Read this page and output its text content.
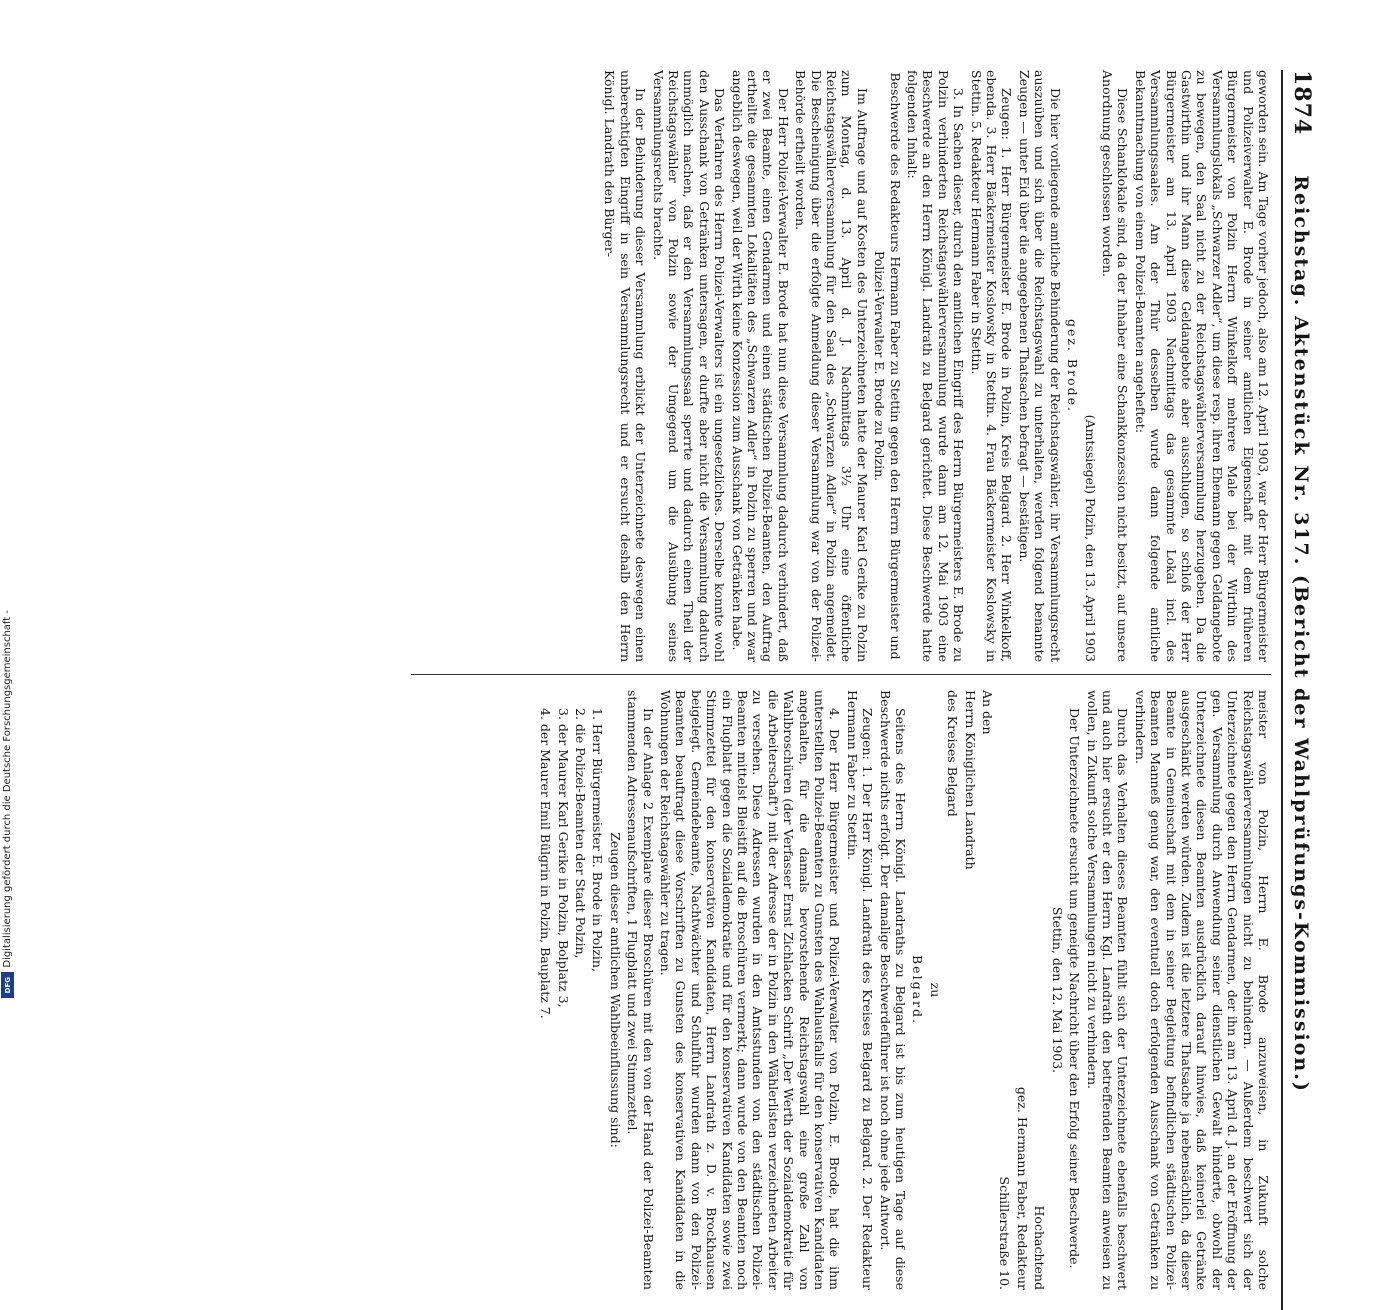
Digitalisierung gefördert durch die Deutsche Forschungsgemeinschaft -
DFG
1874
Reichstag. Aktenstück Nr. 317. (Bericht der Wahlprüfungs-Kommission.)

geworden sein. Am Tage vorher jedoch, also am 12. April 1903, war der Herr Bürgermeister und Polizeiverwalter E. Brode in seiner amtlichen Eigenschaft mit dem früheren Bürgermeister von Polzin Herrn Winkelkoff mehrere Male bei der Wirthin des Versammlungslokals „Schwarzer Adler“, um diese resp. ihren Ehemann gegen Geldangebote zu bewegen, den Saal nicht zu der Reichstagswählerversammlung herzugeben. Da die Gastwirthin und ihr Mann diese Geldangebote aber ausschlugen, so schloß der Herr Bürgermeister am 13. April 1903 Nachmittags das gesammte Lokal incl. des Versammlungssaales. Am der Thür desselben wurde dann folgende amtliche Bekanntmachung von einem Polizei-Beamten angeheftet:

Diese Schanklokale sind, da der Inhaber eine Schankkonzession nicht besitzt, auf unsere Anordnung geschlossen worden.

(Amtssiegel) Polzin, den 13. April 1903

gez. Brode.

Die hier vorliegende amtliche Behinderung der Reichstagswähler, ihr Versammlungsrecht auszuüben und sich über die Reichstagswahl zu unterhalten, werden folgend benannte Zeugen — unter Eid über die angegebenen Thatsachen befragt — bestätigen.

Zeugen: 1. Herr Bürgermeister E. Brode in Polzin, Kreis Belgard. 2. Herr Winkelkoff, ebenda. 3. Herr Bäckermeister Koslowsky in Stettin. 4. Frau Bäckermeister Koslowsky in Stettin. 5. Redakteur Hermann Faber in Stettin.

3. In Sachen dieser, durch den amtlichen Eingriff des Herrn Bürgermeisters E. Brode zu Polzin verhinderten Reichstagswählerversammlung wurde dann am 12. Mai 1903 eine Beschwerde an den Herrn Königl. Landrath zu Belgard gerichtet. Diese Beschwerde hatte folgenden Inhalt:

Beschwerde des Redakteurs Hermann Faber zu Stettin gegen den Herrn Bürgermeister und Polizei-Verwalter E. Brode zu Polzin.

Im Auftrage und auf Kosten des Unterzeichneten hatte der Maurer Karl Gerike zu Polzin zum Montag, d. 13. April d. J. Nachmittags 3½ Uhr eine öffentliche Reichstagswählerversammlung für den Saal des „Schwarzen Adler“ in Polzin angemeldet. Die Bescheinigung über die erfolgte Anmeldung dieser Versammlung war von der Polizei-Behörde ertheilt worden.

Der Herr Polizei-Verwalter E. Brode hat nun diese Versammlung dadurch verhindert, daß er zwei Beamte, einen Gendarmen und einen städtischen Polizei-Beamten, den Auftrag ertheilte die gesammten Lokalitäten des „Schwarzen Adler“ in Polzin zu sperren und zwar angeblich deswegen, weil der Wirth keine Konzession zum Ausschank von Getränken habe.

Das Verfahren des Herrn Polizei-Verwalters ist ein ungesetzliches. Derselbe konnte wohl den Ausschank von Getränken untersagen, er durfte aber nicht die Versammlung dadurch unmöglich machen, daß er den Versammlungssaal sperrte und dadurch einen Theil der Reichstagswähler von Polzin sowie der Umgegend um die Ausübung seines Versammlungsrechts brachte.

In der Behinderung dieser Versammlung erblickt der Unterzeichnete deswegen einen unberechtigten Eingriff in sein Versammlungsrecht und er ersucht deshalb den Herrn Königl. Landrath den Bürger-

meister von Polzin, Herrn E. Brode anzuweisen, in Zukunft solche Reichstagswählerversammlungen nicht zu behindern. — Außerdem beschwert sich der Unterzeichnete gegen den Herrn Gendarmen, der ihn am 13. April d. J. an der Eröffnung der gen. Versammlung durch Anwendung seiner dienstlichen Gewalt hinderte, obwohl der Unterzeichnete diesen Beamten ausdrücklich darauf hinwies, daß keinerlei Getränke ausgeschänkt werden würden. Zudem ist die letztere Thatsache ja nebensächlich, da dieser Beamte in Gemeinschaft mit dem in seiner Begleitung befindlichen städtischen Polizei-Beamten Manneß genug war, den eventuell doch erfolgenden Ausschank von Getränken zu verhindern.

Durch das Verhalten dieses Beamten fühlt sich der Unterzeichnete ebenfalls beschwert und auch hier ersucht er den Herrn Kgl. Landrath den betreffenden Beamten anweisen zu wollen, in Zukunft solche Versammlungen nicht zu verhindern.

Der Unterzeichnete ersucht um geneigte Nachricht über den Erfolg seiner Beschwerde.

Stettin, den 12. Mai 1903.

Hochachtend

gez. Hermann Faber, Redakteur

Schillerstraße 10.

An den

Herrn Königlichen Landrath

des Kreises Belgard

zu

Belgard.

Seitens des Herrn Königl. Landraths zu Belgard ist bis zum heutigen Tage auf diese Beschwerde nichts erfolgt. Der damalige Beschwerdeführer ist noch ohne jede Antwort.

Zeugen: 1. Der Herr Königl. Landrath des Kreises Belgard zu Belgard. 2. Der Redakteur Hermann Faber zu Stettin.

4. Der Herr Bürgermeister und Polizei-Verwalter von Polzin, E. Brode, hat die ihm unterstellten Polizei-Beamten zu Gunsten des Wahlausfalls für den konservativen Kandidaten angehalten, für die damals bevorstehende Reichstagswahl eine große Zahl von Wahlbroschüren (der Verfasser Ernst Zichlacken Schrift „Der Werth der Sozialdemokratie für die Arbeiterschaft“) mit der Adresse der in Polzin in den Wählerlisten verzeichneten Arbeiter zu versehen. Diese Adressen wurden in den Amtsstunden von den städtischen Polizei-Beamten mittelst Bleistift auf die Broschüren vermerkt; dann wurde von den Beamten noch ein Flugblatt gegen die Sozialdemokratie und für den konservativen Kandidaten sowie zwei Stimmzettel für den konservativen Kandidaten, Herrn Landrath z. D. v. Brockhausen beigelegt. Gemeindebeamte, Nachtwächter und Schulfuhr wurden dann von den Polizei-Beamten beauftragt diese Vorschriften zu Gunsten des konservativen Kandidaten in die Wohnungen der Reichstagswähler zu tragen.

In der Anlage 2 Exemplare dieser Broschüren mit den von der Hand der Polizei-Beamten stammenden Adressenaufschriften, 1 Flugblatt und zwei Stimmzettel.

Zeugen dieser amtlichen Wahlbeeinflussung sind:

1. Herr Bürgermeister E. Brode in Polzin,

2. die Polizei-Beamten der Stadt Polzin,

3. der Maurer Karl Gerike in Polzin, Bolplatz 3,

4. der Maurer Emil Bülgrin in Polzin, Bauplatz 7.
